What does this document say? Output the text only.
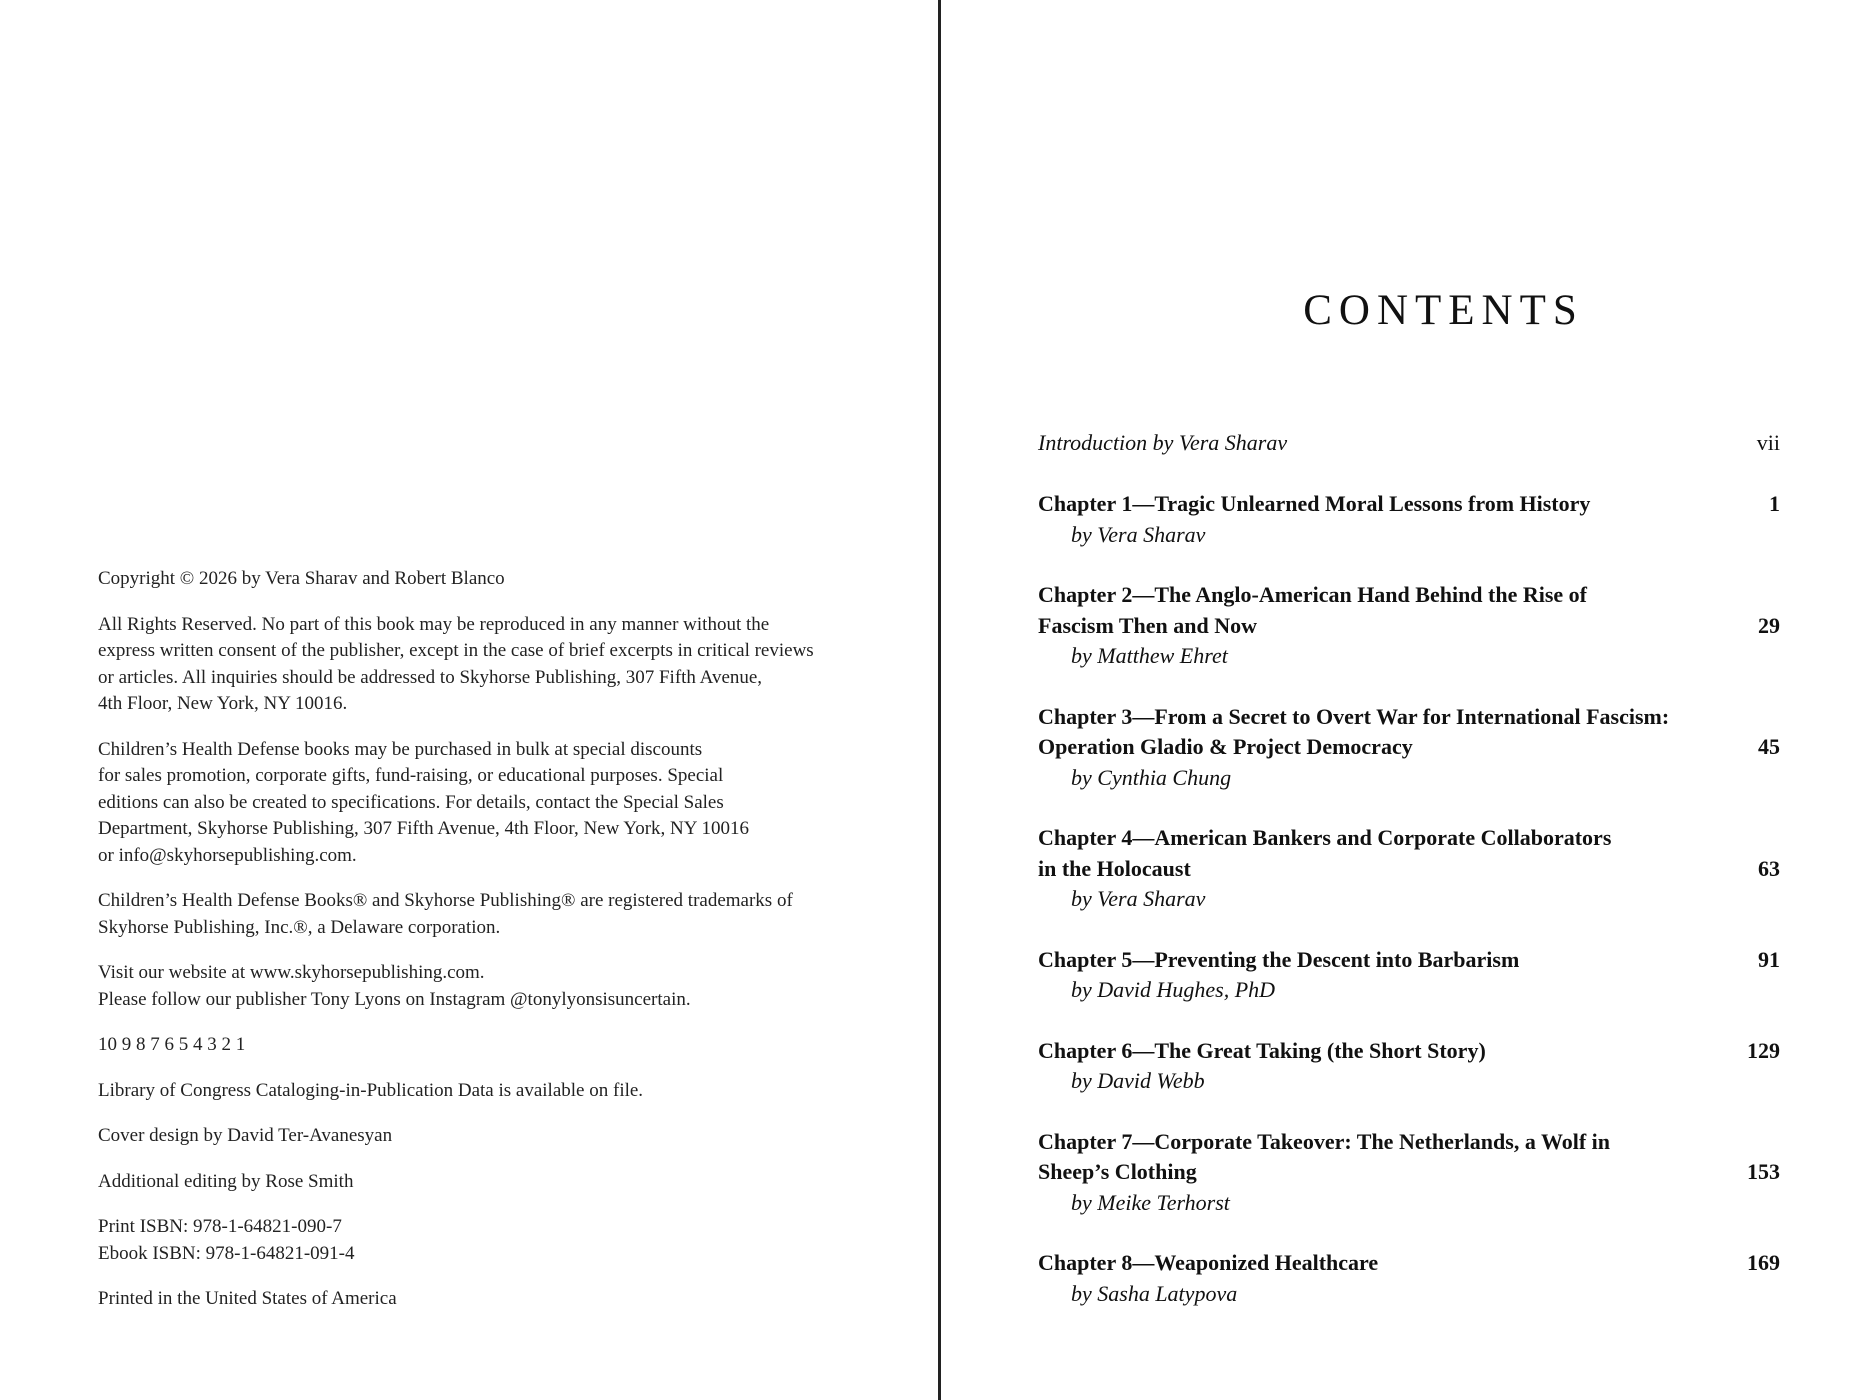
Copyright © 2026 by Vera Sharav and Robert Blanco

All Rights Reserved. No part of this book may be reproduced in any manner without the
express written consent of the publisher, except in the case of brief excerpts in critical reviews
or articles. All inquiries should be addressed to Skyhorse Publishing, 307 Fifth Avenue,
4th Floor, New York, NY 10016.

Children’s Health Defense books may be purchased in bulk at special discounts
for sales promotion, corporate gifts, fund-raising, or educational purposes. Special
editions can also be created to specifications. For details, contact the Special Sales
Department, Skyhorse Publishing, 307 Fifth Avenue, 4th Floor, New York, NY 10016
or info@skyhorsepublishing.com.

Children’s Health Defense Books® and Skyhorse Publishing® are registered trademarks of
Skyhorse Publishing, Inc.®, a Delaware corporation.

Visit our website at www.skyhorsepublishing.com.
Please follow our publisher Tony Lyons on Instagram @tonylyonsisuncertain.

10 9 8 7 6 5 4 3 2 1

Library of Congress Cataloging-in-Publication Data is available on file.

Cover design by David Ter-Avanesyan

Additional editing by Rose Smith

Print ISBN: 978-1-64821-090-7
Ebook ISBN: 978-1-64821-091-4

Printed in the United States of America

CONTENTS
Introduction by Vera Sharav	vii
Chapter 1—Tragic Unlearned Moral Lessons from History
by Vera Sharav
1
Chapter 2—The Anglo-American Hand Behind the Rise of
Fascism Then and Now
by Matthew Ehret
29
Chapter 3—From a Secret to Overt War for International Fascism:
Operation Gladio & Project Democracy
by Cynthia Chung
45
Chapter 4—American Bankers and Corporate Collaborators
in the Holocaust
by Vera Sharav
63
Chapter 5—Preventing the Descent into Barbarism
by David Hughes, PhD
91
Chapter 6—The Great Taking (the Short Story)
by David Webb
129
Chapter 7—Corporate Takeover: The Netherlands, a Wolf in
Sheep’s Clothing
by Meike Terhorst
153
Chapter 8—Weaponized Healthcare
by Sasha Latypova
169
